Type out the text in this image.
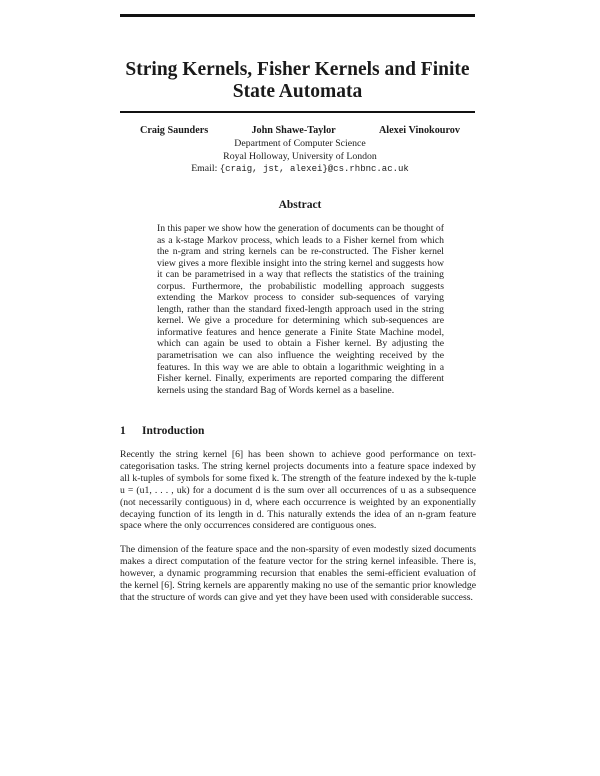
String Kernels, Fisher Kernels and Finite State Automata
Craig Saunders	John Shawe-Taylor	Alexei Vinokourov
Department of Computer Science
Royal Holloway, University of London
Email: {craig, jst, alexei}@cs.rhbnc.ac.uk
Abstract

In this paper we show how the generation of documents can be thought of as a k-stage Markov process, which leads to a Fisher kernel from which the n-gram and string kernels can be re-constructed. The Fisher kernel view gives a more flexible insight into the string kernel and suggests how it can be parametrised in a way that reflects the statistics of the training corpus. Furthermore, the probabilistic modelling approach suggests extending the Markov process to consider sub-sequences of varying length, rather than the standard fixed-length approach used in the string kernel. We give a procedure for determining which sub-sequences are informative features and hence generate a Finite State Machine model, which can again be used to obtain a Fisher kernel. By adjusting the parametrisation we can also influence the weighting received by the features. In this way we are able to obtain a logarithmic weighting in a Fisher kernel. Finally, experiments are reported comparing the different kernels using the standard Bag of Words kernel as a baseline.

1 Introduction

Recently the string kernel [6] has been shown to achieve good performance on text-categorisation tasks. The string kernel projects documents into a feature space indexed by all k-tuples of symbols for some fixed k. The strength of the feature indexed by the k-tuple u = (u1, . . . , uk) for a document d is the sum over all occurrences of u as a subsequence (not necessarily contiguous) in d, where each occurrence is weighted by an exponentially decaying function of its length in d. This naturally extends the idea of an n-gram feature space where the only occurrences considered are contiguous ones.

The dimension of the feature space and the non-sparsity of even modestly sized documents makes a direct computation of the feature vector for the string kernel infeasible. There is, however, a dynamic programming recursion that enables the semi-efficient evaluation of the kernel [6]. String kernels are apparently making no use of the semantic prior knowledge that the structure of words can give and yet they have been used with considerable success.
